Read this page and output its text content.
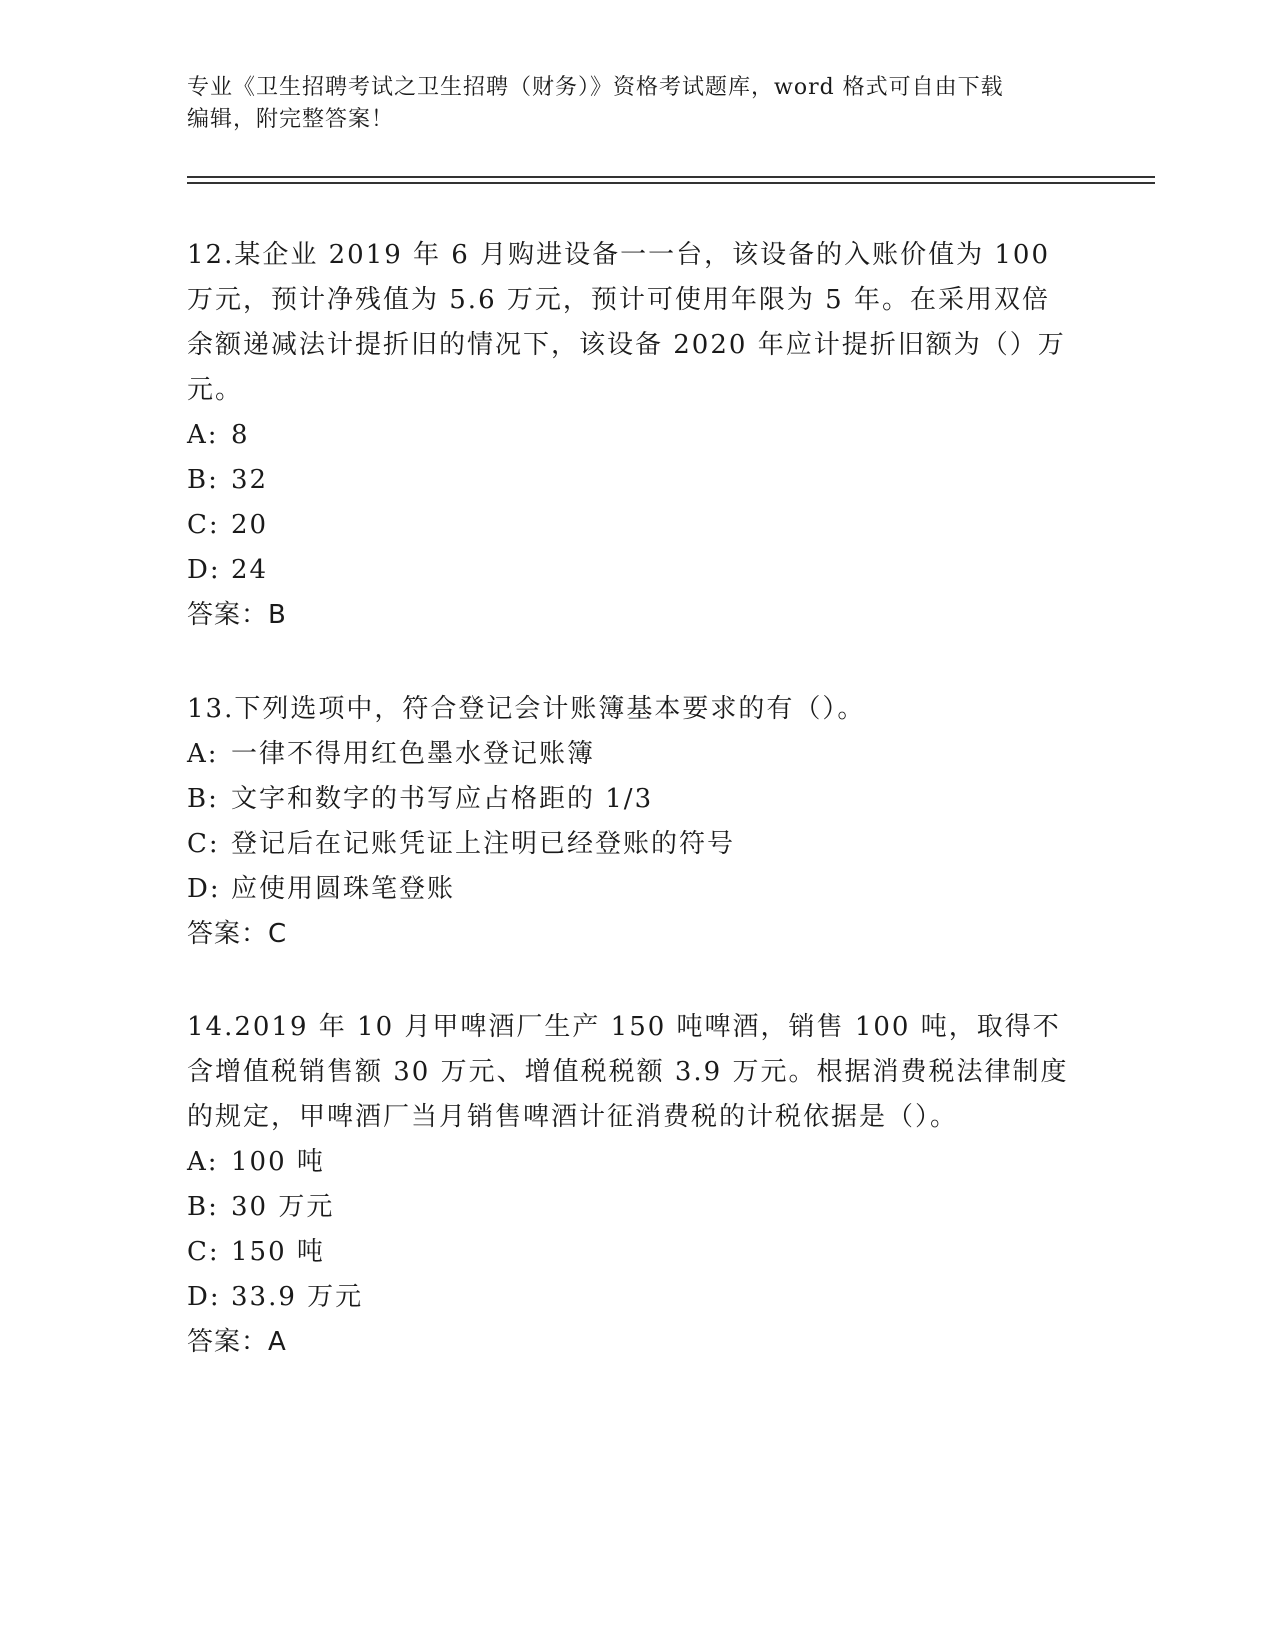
专业《卫生招聘考试之卫生招聘（财务）》资格考试题库，word 格式可自由下载
编辑，附完整答案！

12.某企业 2019 年 6 月购进设备一一台，该设备的入账价值为 100 万元，预计净残值为 5.6 万元，预计可使用年限为 5 年。在采用双倍余额递减法计提折旧的情况下，该设备 2020 年应计提折旧额为（）万元。

A: 8

B: 32

C: 20

D: 24

答案：B

13.下列选项中，符合登记会计账簿基本要求的有（）。

A: 一律不得用红色墨水登记账簿

B: 文字和数字的书写应占格距的 1/3

C: 登记后在记账凭证上注明已经登账的符号

D: 应使用圆珠笔登账

答案：C

14.2019 年 10 月甲啤酒厂生产 150 吨啤酒，销售 100 吨，取得不含增值税销售额 30 万元、增值税税额 3.9 万元。根据消费税法律制度的规定，甲啤酒厂当月销售啤酒计征消费税的计税依据是（）。

A: 100 吨

B: 30 万元

C: 150 吨

D: 33.9 万元

答案：A
